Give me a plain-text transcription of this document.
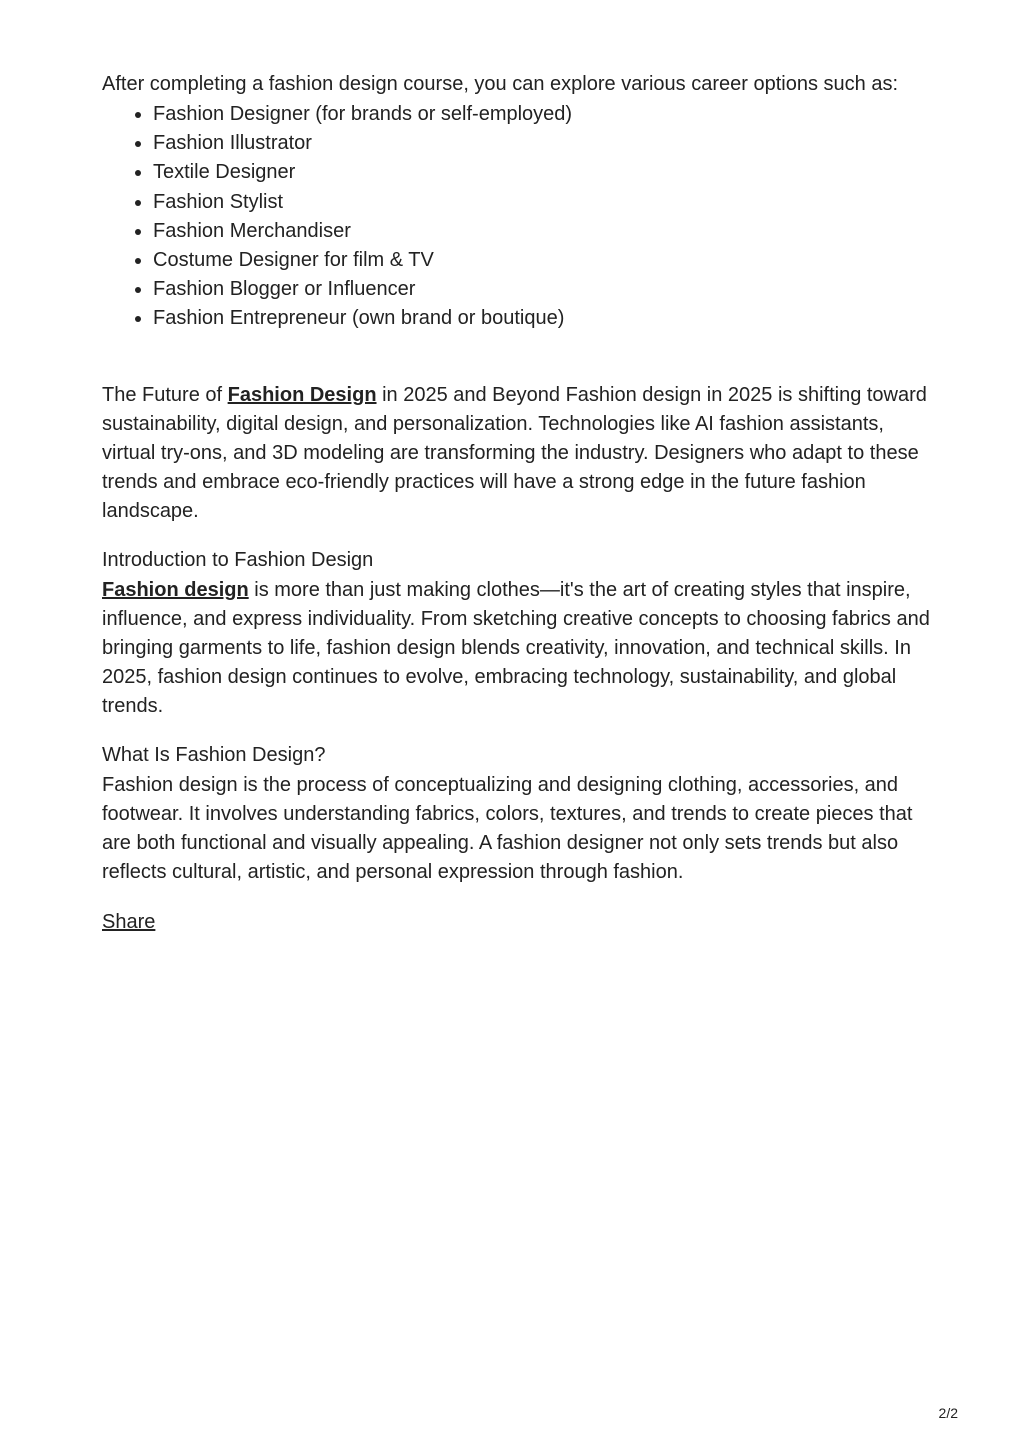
After completing a fashion design course, you can explore various career options such as:

• Fashion Designer (for brands or self-employed)
• Fashion Illustrator
• Textile Designer
• Fashion Stylist
• Fashion Merchandiser
• Costume Designer for film & TV
• Fashion Blogger or Influencer
• Fashion Entrepreneur (own brand or boutique)

The Future of Fashion Design in 2025 and Beyond Fashion design in 2025 is shifting toward sustainability, digital design, and personalization. Technologies like AI fashion assistants, virtual try-ons, and 3D modeling are transforming the industry. Designers who adapt to these trends and embrace eco-friendly practices will have a strong edge in the future fashion landscape.

Introduction to Fashion Design

Fashion design is more than just making clothes—it's the art of creating styles that inspire, influence, and express individuality. From sketching creative concepts to choosing fabrics and bringing garments to life, fashion design blends creativity, innovation, and technical skills. In 2025, fashion design continues to evolve, embracing technology, sustainability, and global trends.

What Is Fashion Design?

Fashion design is the process of conceptualizing and designing clothing, accessories, and footwear. It involves understanding fabrics, colors, textures, and trends to create pieces that are both functional and visually appealing. A fashion designer not only sets trends but also reflects cultural, artistic, and personal expression through fashion.

Share

2/2
